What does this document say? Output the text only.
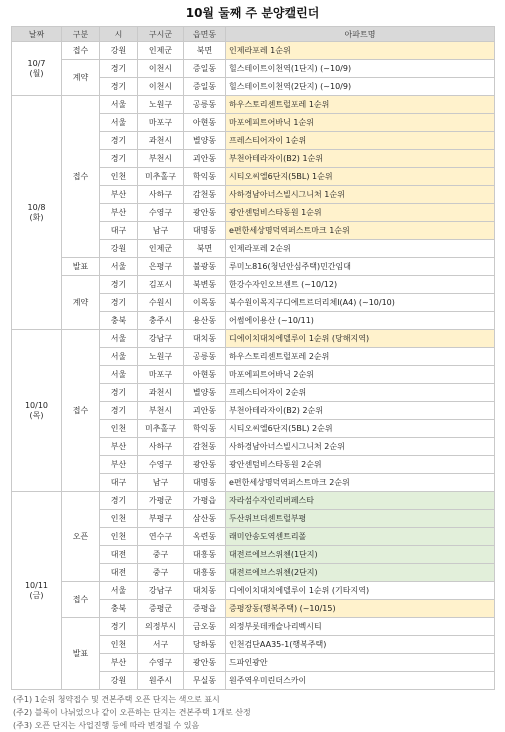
10월 둘째 주 분양캘린더
날짜	구분	시	구시군	읍면동	아파트명
10/7
(월)	접수	강원	인제군	북면	인제라포레 1순위
	계약	경기	이천시	증일동	힐스테이트이천역(1단지) (~10/9)
		경기	이천시	증일동	힐스테이트이천역(2단지) (~10/9)
10/8
(화)	접수	서울	노원구	공릉동	하우스토리센트럴포레 1순위
		서울	마포구	아현동	마포에피트어바닉 1순위
		경기	과천시	별양동	프레스티어자이 1순위
		경기	부천시	괴안동	부천아테라자이(B2) 1순위
		인천	미추홀구	학익동	시티오씨엘6단지(5BL) 1순위
		부산	사하구	감천동	사하경남아너스빌시그니처 1순위
		부산	수영구	광안동	광안센텀비스타동원 1순위
		대구	남구	대명동	e편한세상명덕역퍼스트마크 1순위
		강원	인제군	북면	인제라포레 2순위
	발표	서울	은평구	불광동	루미노816(청년안심주택)민간임대
	계약	경기	김포시	북변동	한강수자인오브센트 (~10/12)
		경기	수원시	이목동	북수원이목지구디에트르더리체Ⅰ(A4) (~10/10)
		충북	충주시	용산동	어썸에이용산 (~10/11)
10/10
(목)	접수	서울	강남구	대치동	디에이치대치에델루이 1순위 (당해지역)
		서울	노원구	공릉동	하우스토리센트럴포레 2순위
		서울	마포구	아현동	마포에피트어바닉 2순위
		경기	과천시	별양동	프레스티어자이 2순위
		경기	부천시	괴안동	부천아테라자이(B2) 2순위
		인천	미추홀구	학익동	시티오씨엘6단지(5BL) 2순위
		부산	사하구	감천동	사하경남아너스빌시그니처 2순위
		부산	수영구	광안동	광안센텀비스타동원 2순위
		대구	남구	대명동	e편한세상명덕역퍼스트마크 2순위
10/11
(금)	오픈	경기	가평군	가평읍	자라섬수자인리버페스타
		인천	부평구	삼산동	두산위브더센트럴부평
		인천	연수구	옥련동	래미안송도역센트리폴
		대전	중구	대흥동	대전르에브스위첸(1단지)
		대전	중구	대흥동	대전르에브스위첸(2단지)
	접수	서울	강남구	대치동	디에이치대치에델루이 1순위 (기타지역)
		충북	증평군	증평읍	증평장동(행복주택) (~10/15)
	발표	경기	의정부시	금오동	의정부롯데캐슬나리벡시티
		인천	서구	당하동	인천검단AA35-1(행복주택)
		부산	수영구	광안동	드파인광안
		강원	원주시	무실동	원주역우미린더스카이
(주1) 1순위 청약접수 및 견본주택 오픈 단지는 색으로 표시
(주2) 블록이 나뉘었으나 같이 오픈하는 단지는 견본주택 1개로 산정
(주3) 오픈 단지는 사업진행 등에 따라 변경될 수 있음
